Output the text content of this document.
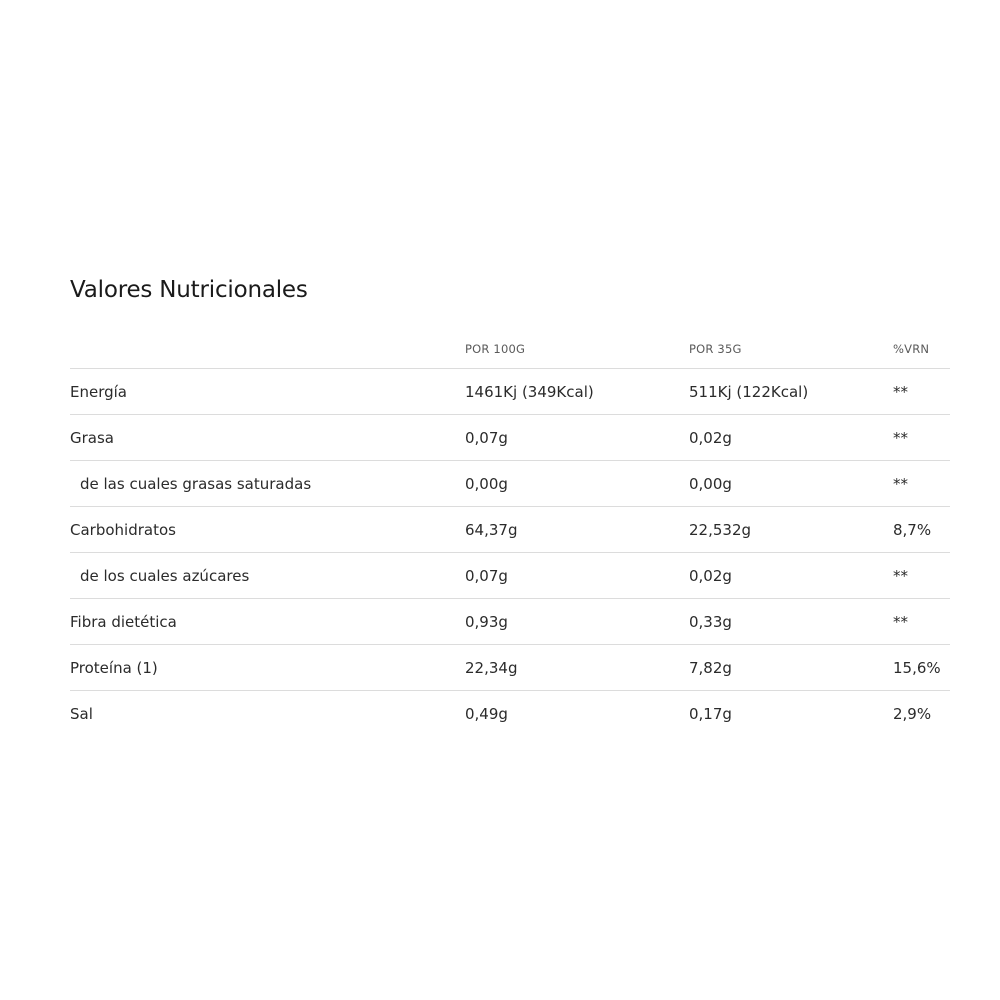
Valores Nutricionales
	POR 100G	POR 35G	%VRN
Energía	1461Kj (349Kcal)	511Kj (122Kcal)	**
Grasa	0,07g	0,02g	**
de las cuales grasas saturadas	0,00g	0,00g	**
Carbohidratos	64,37g	22,532g	8,7%
de los cuales azúcares	0,07g	0,02g	**
Fibra dietética	0,93g	0,33g	**
Proteína (1)	22,34g	7,82g	15,6%
Sal	0,49g	0,17g	2,9%
